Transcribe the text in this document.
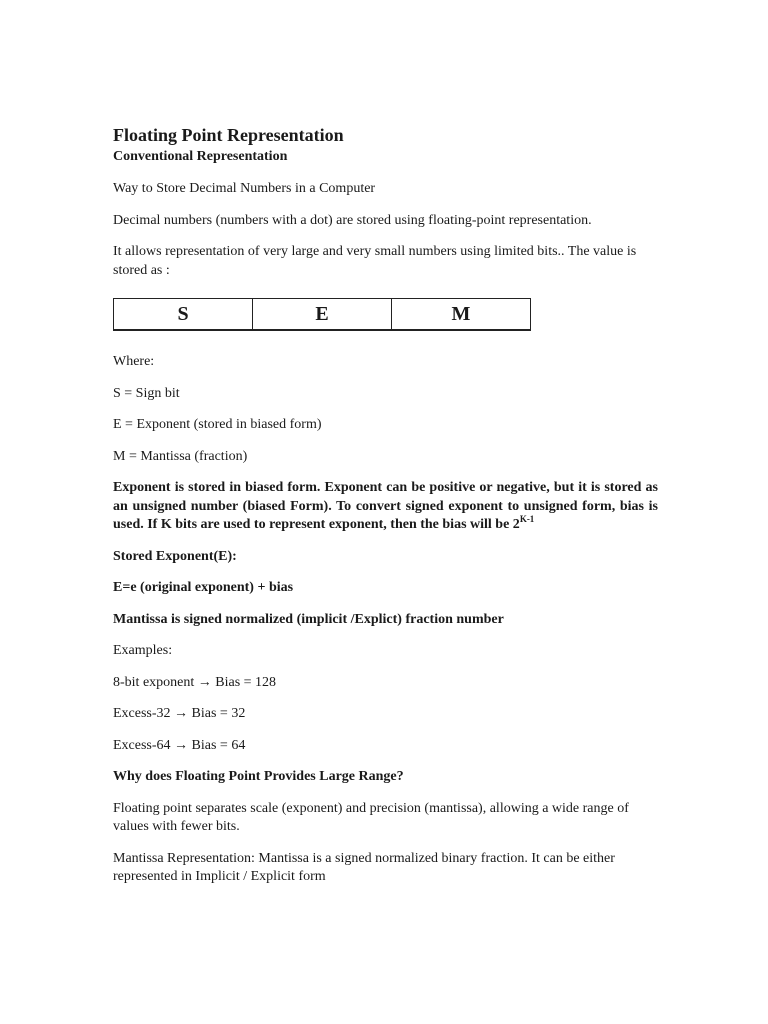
Floating Point Representation
Conventional Representation

Way to Store Decimal Numbers in a Computer

Decimal numbers (numbers with a dot) are stored using floating-point representation.

It allows representation of very large and very small numbers using limited bits.. The value is stored as :

S	E	M

Where:

S = Sign bit

E = Exponent (stored in biased form)

M = Mantissa (fraction)

Exponent is stored in biased form. Exponent can be positive or negative, but it is stored as an unsigned number (biased Form). To convert signed exponent to unsigned form, bias is used. If K bits are used to represent exponent, then the bias will be $2^{K-1}$

Stored Exponent(E):

E=e (original exponent) + bias

Mantissa is signed normalized (implicit /Explict) fraction number

Examples:

8-bit exponent → Bias = 128

Excess-32 → Bias = 32

Excess-64 → Bias = 64

Why does Floating Point Provides Large Range?

Floating point separates scale (exponent) and precision (mantissa), allowing a wide range of values with fewer bits.

Mantissa Representation: Mantissa is a signed normalized binary fraction. It can be either represented in Implicit / Explicit form
